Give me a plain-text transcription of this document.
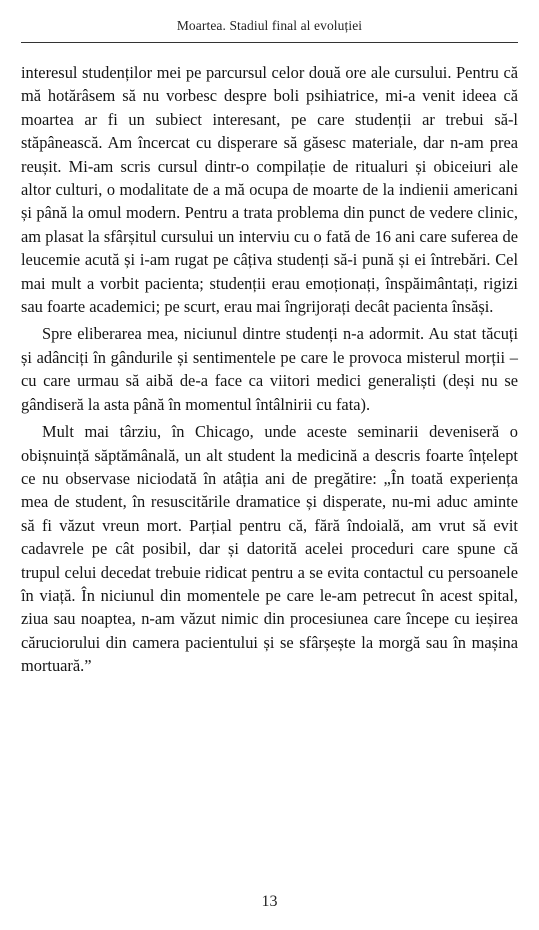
Moartea. Stadiul final al evoluției

interesul studenților mei pe parcursul celor două ore ale cursului. Pentru că mă hotărâsem să nu vorbesc despre boli psihiatrice, mi-a venit ideea că moartea ar fi un subiect interesant, pe care studenții ar trebui să-l stăpânească. Am încercat cu disperare să găsesc materiale, dar n-am prea reușit. Mi-am scris cursul dintr-o compilație de ritualuri și obiceiuri ale altor culturi, o modalitate de a mă ocupa de moarte de la indienii americani și până la omul modern. Pentru a trata problema din punct de vedere clinic, am plasat la sfârșitul cursului un interviu cu o fată de 16 ani care suferea de leucemie acută și i-am rugat pe câțiva studenți să-i pună și ei întrebări. Cel mai mult a vorbit pacienta; studenții erau emoționați, înspăimântați, rigizi sau foarte academici; pe scurt, erau mai îngrijorați decât pacienta însăși.

Spre eliberarea mea, niciunul dintre studenți n-a adormit. Au stat tăcuți și adânciți în gândurile și sentimentele pe care le provoca misterul morții – cu care urmau să aibă de-a face ca viitori medici generaliști (deși nu se gândiseră la asta până în momentul întâlnirii cu fata).

Mult mai târziu, în Chicago, unde aceste seminarii deveniseră o obișnuință săptămânală, un alt student la medicină a descris foarte înțelept ce nu observase niciodată în atâția ani de pregătire: „În toată experiența mea de student, în resuscitările dramatice și disperate, nu-mi aduc aminte să fi văzut vreun mort. Parțial pentru că, fără îndoială, am vrut să evit cadavrele pe cât posibil, dar și datorită acelei proceduri care spune că trupul celui decedat trebuie ridicat pentru a se evita contactul cu persoanele în viață. În niciunul din momentele pe care le-am petrecut în acest spital, ziua sau noaptea, n-am văzut nimic din procesiunea care începe cu ieșirea căruciorului din camera pacientului și se sfârșește la morgă sau în mașina mortuară.”

13
